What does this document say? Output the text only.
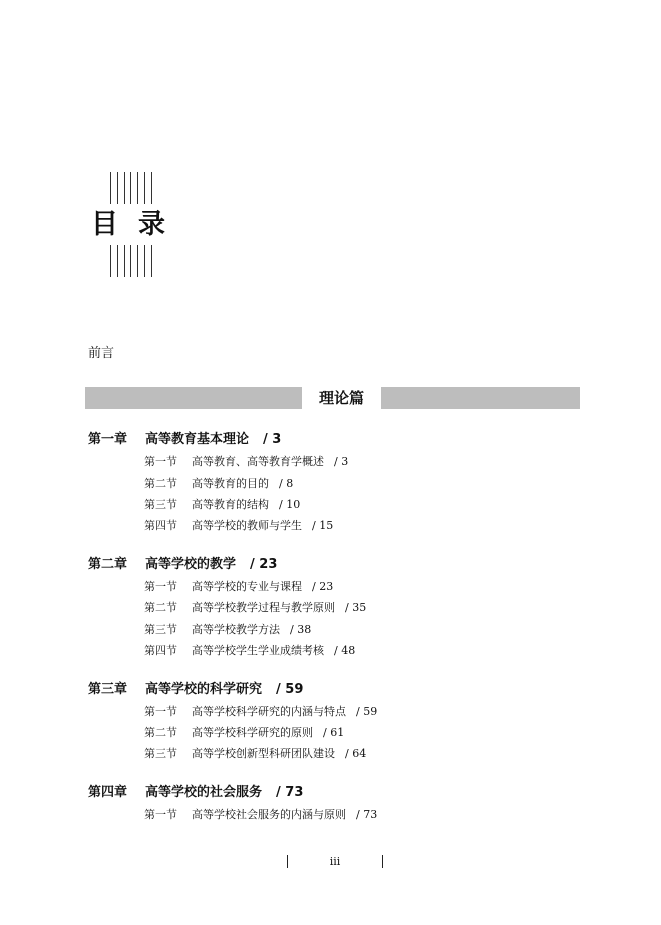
目录
前言
理论篇
第一章 高等教育基本理论 / 3
第一节 高等教育、高等教育学概述 / 3
第二节 高等教育的目的 / 8
第三节 高等教育的结构 / 10
第四节 高等学校的教师与学生 / 15
第二章 高等学校的教学 / 23
第一节 高等学校的专业与课程 / 23
第二节 高等学校教学过程与教学原则 / 35
第三节 高等学校教学方法 / 38
第四节 高等学校学生学业成绩考核 / 48
第三章 高等学校的科学研究 / 59
第一节 高等学校科学研究的内涵与特点 / 59
第二节 高等学校科学研究的原则 / 61
第三节 高等学校创新型科研团队建设 / 64
第四章 高等学校的社会服务 / 73
第一节 高等学校社会服务的内涵与原则 / 73
iii
